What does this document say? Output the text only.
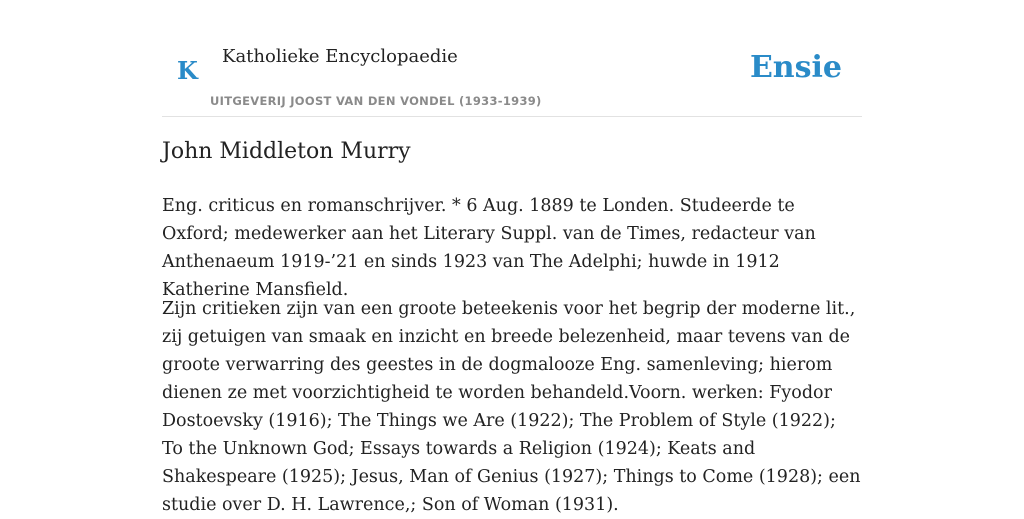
K Katholieke Encyclopaedie
UITGEVERIJ JOOST VAN DEN VONDEL (1933-1939)
Ensie
John Middleton Murry

Eng. criticus en romanschrijver. * 6 Aug. 1889 te Londen. Studeerde te Oxford; medewerker aan het Literary Suppl. van de Times, redacteur van Anthenaeum 1919-’21 en sinds 1923 van The Adelphi; huwde in 1912 Katherine Mansfield.

Zijn critieken zijn van een groote beteekenis voor het begrip der moderne lit., zij getuigen van smaak en inzicht en breede belezenheid, maar tevens van de groote verwarring des geestes in de dogmalooze Eng. samenleving; hierom dienen ze met voorzichtigheid te worden behandeld.Voorn. werken: Fyodor Dostoevsky (1916); The Things we Are (1922); The Problem of Style (1922); To the Unknown God; Essays towards a Religion (1924); Keats and Shakespeare (1925); Jesus, Man of Genius (1927); Things to Come (1928); een studie over D. H. Lawrence,; Son of Woman (1931).
